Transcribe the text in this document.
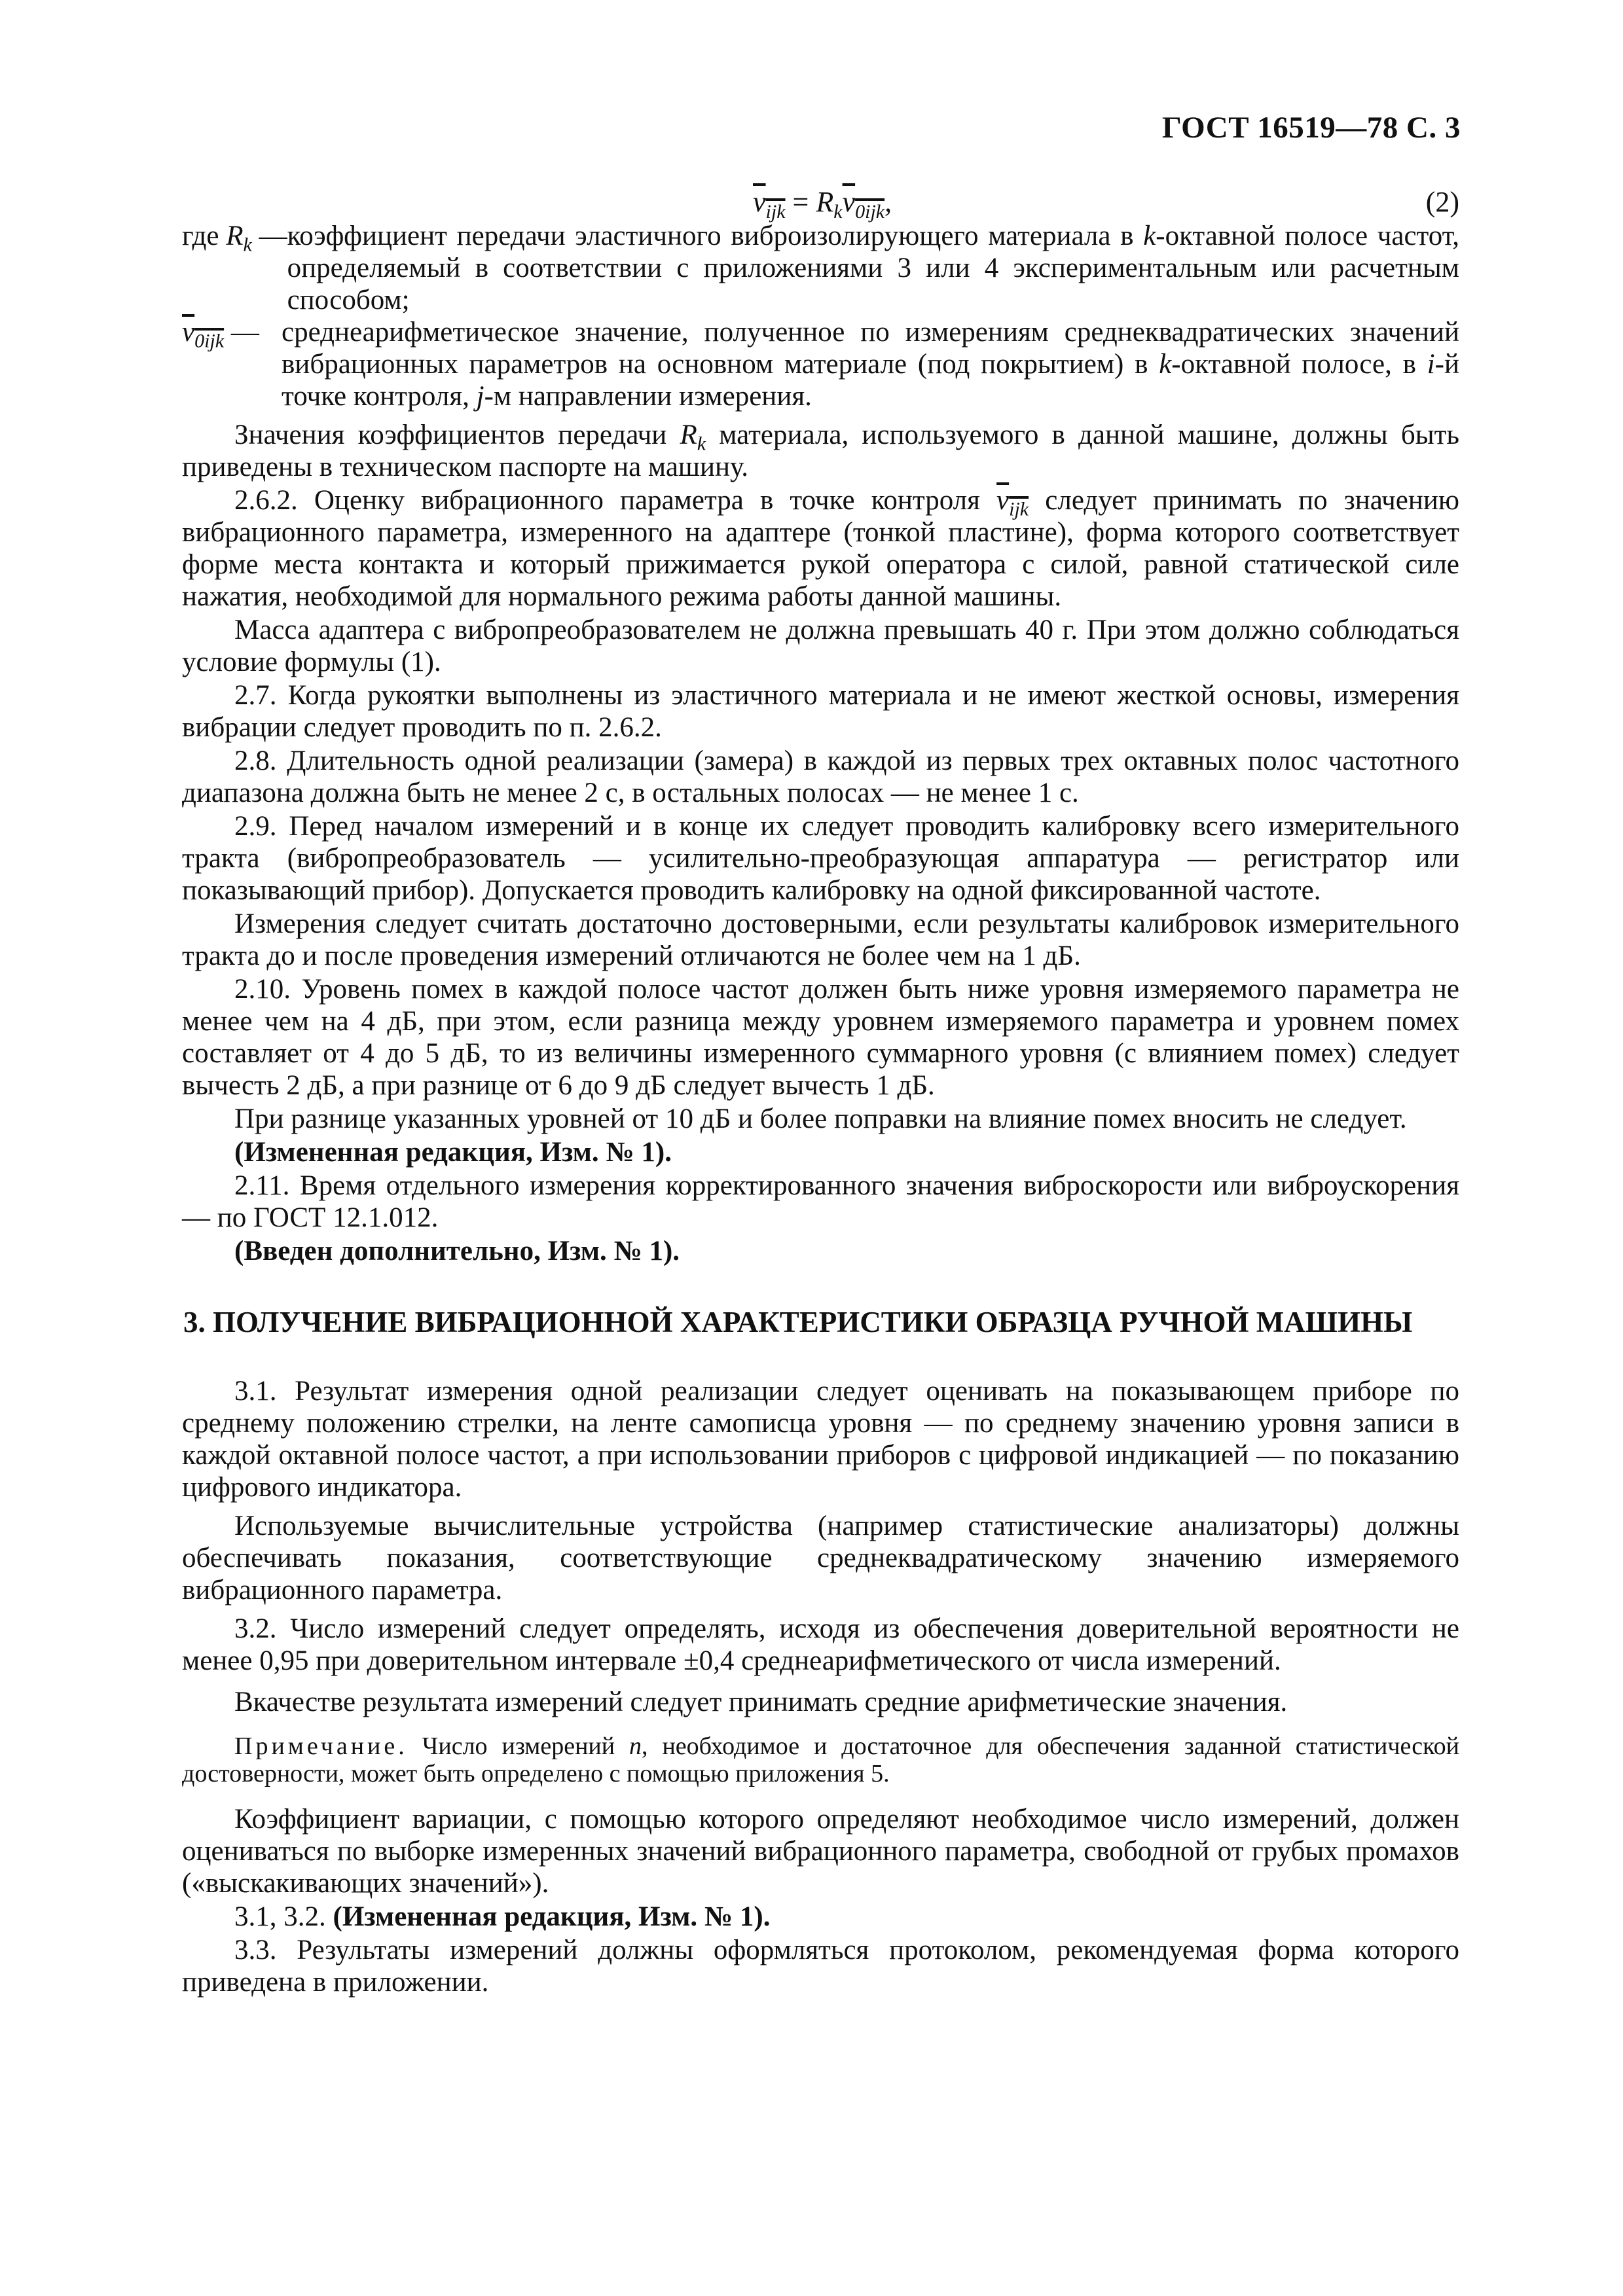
ГОСТ 16519—78 С. 3
$v_{ijk} = R_kv_{0ijk}$,	(2)
где $R_k$ — коэффициент передачи эластичного виброизолирующего материала в k-октавной полосе частот, определяемый в соответствии с приложениями 3 или 4 экспериментальным или расчетным способом;
$v_{0ijk}$ — среднеарифметическое значение, полученное по измерениям среднеквадратических значений вибрационных параметров на основном материале (под покрытием) в k-октавной полосе, в i-й точке контроля, j-м направлении измерения.

Значения коэффициентов передачи $R_k$ материала, используемого в данной машине, должны быть приведены в техническом паспорте на машину.

2.6.2. Оценку вибрационного параметра в точке контроля $v_{ijk}$ следует принимать по значению вибрационного параметра, измеренного на адаптере (тонкой пластине), форма которого соответствует форме места контакта и который прижимается рукой оператора с силой, равной статической силе нажатия, необходимой для нормального режима работы данной машины.

Масса адаптера с вибропреобразователем не должна превышать 40 г. При этом должно соблюдаться условие формулы (1).

2.7. Когда рукоятки выполнены из эластичного материала и не имеют жесткой основы, измерения вибрации следует проводить по п. 2.6.2.

2.8. Длительность одной реализации (замера) в каждой из первых трех октавных полос частотного диапазона должна быть не менее 2 с, в остальных полосах — не менее 1 с.

2.9. Перед началом измерений и в конце их следует проводить калибровку всего измерительного тракта (вибропреобразователь — усилительно-преобразующая аппаратура — регистратор или показывающий прибор). Допускается проводить калибровку на одной фиксированной частоте.

Измерения следует считать достаточно достоверными, если результаты калибровок измерительного тракта до и после проведения измерений отличаются не более чем на 1 дБ.

2.10. Уровень помех в каждой полосе частот должен быть ниже уровня измеряемого параметра не менее чем на 4 дБ, при этом, если разница между уровнем измеряемого параметра и уровнем помех составляет от 4 до 5 дБ, то из величины измеренного суммарного уровня (с влиянием помех) следует вычесть 2 дБ, а при разнице от 6 до 9 дБ следует вычесть 1 дБ.

При разнице указанных уровней от 10 дБ и более поправки на влияние помех вносить не следует.

(Измененная редакция, Изм. № 1).

2.11. Время отдельного измерения корректированного значения виброскорости или виброускорения — по ГОСТ 12.1.012.

(Введен дополнительно, Изм. № 1).

3. ПОЛУЧЕНИЕ ВИБРАЦИОННОЙ ХАРАКТЕРИСТИКИ ОБРАЗЦА РУЧНОЙ МАШИНЫ

3.1. Результат измерения одной реализации следует оценивать на показывающем приборе по среднему положению стрелки, на ленте самописца уровня — по среднему значению уровня записи в каждой октавной полосе частот, а при использовании приборов с цифровой индикацией — по показанию цифрового индикатора.

Используемые вычислительные устройства (например статистические анализаторы) должны обеспечивать показания, соответствующие среднеквадратическому значению измеряемого вибрационного параметра.

3.2. Число измерений следует определять, исходя из обеспечения доверительной вероятности не менее 0,95 при доверительном интервале ±0,4 среднеарифметического от числа измерений.

Вкачестве результата измерений следует принимать средние арифметические значения.

Примечание. Число измерений n, необходимое и достаточное для обеспечения заданной статистической достоверности, может быть определено с помощью приложения 5.

Коэффициент вариации, с помощью которого определяют необходимое число измерений, должен оцениваться по выборке измеренных значений вибрационного параметра, свободной от грубых промахов («выскакивающих значений»).

3.1, 3.2. (Измененная редакция, Изм. № 1).

3.3. Результаты измерений должны оформляться протоколом, рекомендуемая форма которого приведена в приложении.
